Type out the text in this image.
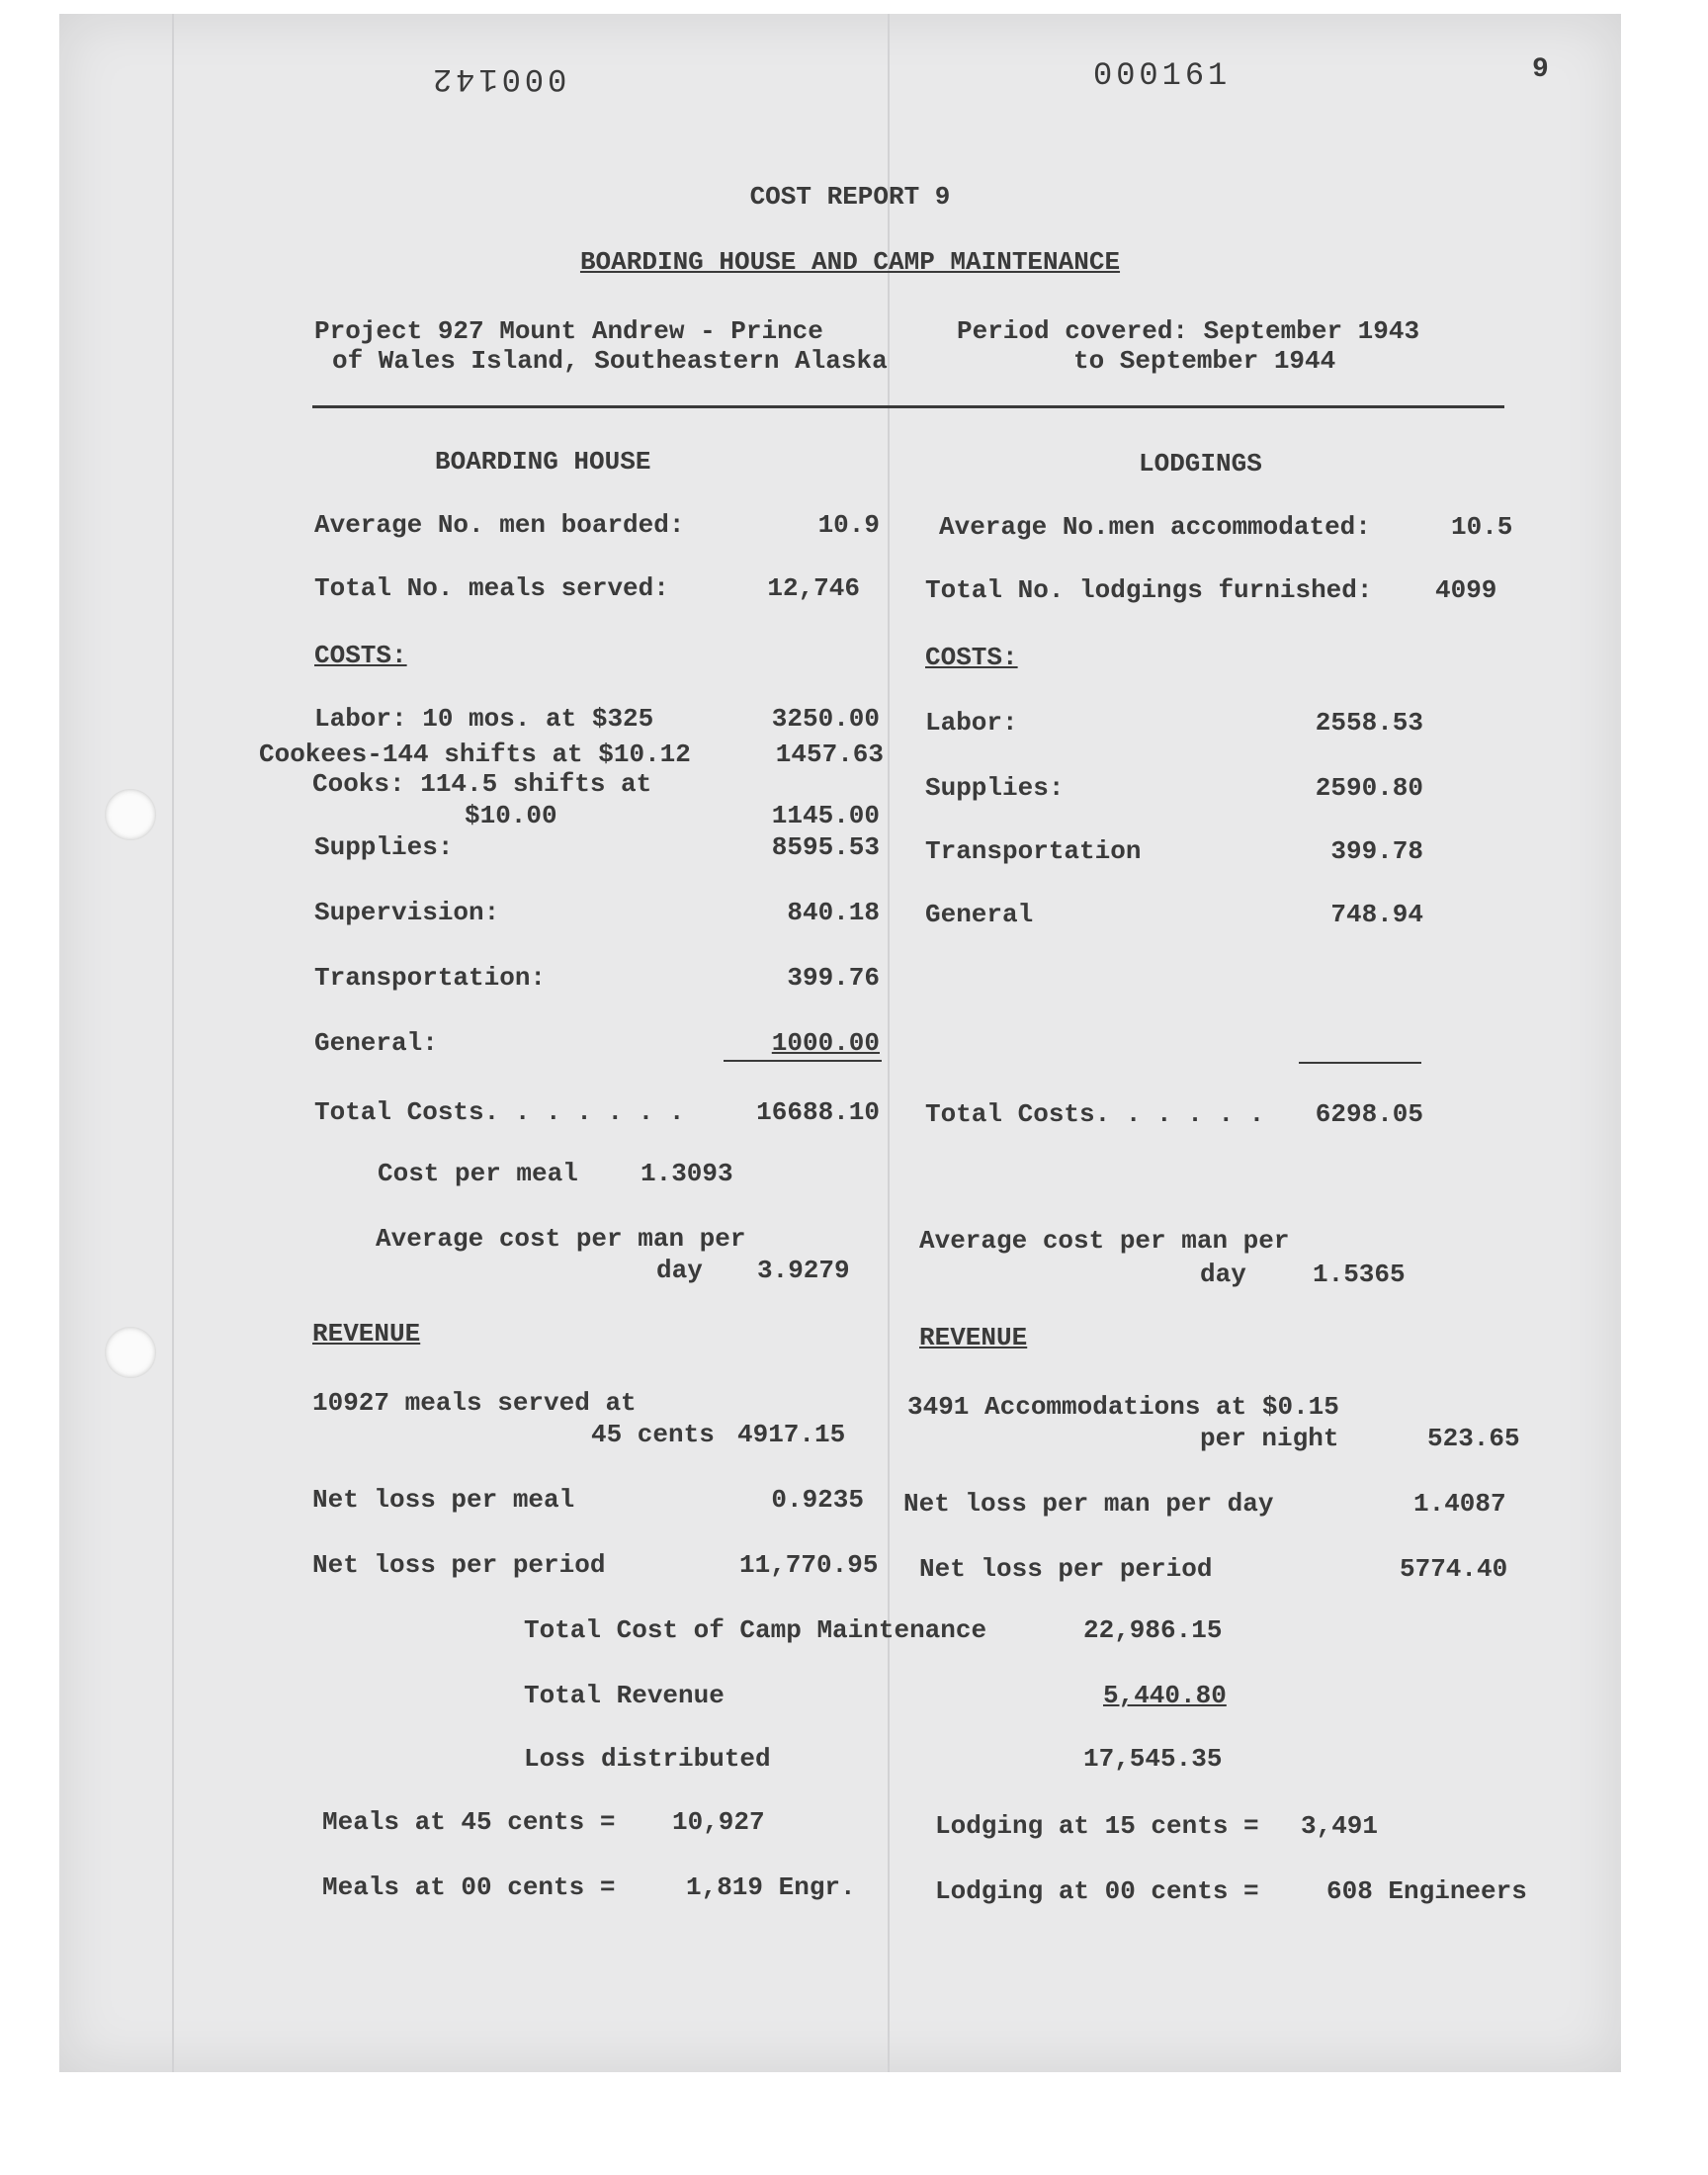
000142	000161	9
COST REPORT 9
BOARDING HOUSE AND CAMP MAINTENANCE
Project 927 Mount Andrew - Prince
of Wales Island, Southeastern Alaska
Period covered: September 1943
to September 1944
BOARDING HOUSE
Average No. men boarded:	10.9
Total No. meals served:	12,746
COSTS:
Labor: 10 mos. at $325	3250.00
Cookees-144 shifts at $10.12	1457.63
Cooks: 114.5 shifts at
$10.00	1145.00
Supplies:	8595.53
Supervision:	840.18
Transportation:	399.76
General:	1000.00
Total Costs. . . . . . .	16688.10
Cost per meal 1.3093
Average cost per man per
day 3.9279
REVENUE
10927 meals served at
45 cents 4917.15
Net loss per meal	0.9235
Net loss per period	11,770.95
LODGINGS
Average No.men accommodated:	10.5
Total No. lodgings furnished: 4099
COSTS:
Labor:	2558.53
Supplies:	2590.80
Transportation	399.78
General	748.94
Total Costs. . . . . .	6298.05
Average cost per man per
day	1.5365
REVENUE
3491 Accommodations at $0.15
per night	523.65
Net loss per man per day	1.4087
Net loss per period	5774.40
Total Cost of Camp Maintenance	22,986.15
Total Revenue	5,440.80
Loss distributed	17,545.35
Meals at 45 cents = 10,927	Lodging at 15 cents = 3,491
Meals at 00 cents =	1,819 Engr.	Lodging at 00 cents =	608 Engineers
